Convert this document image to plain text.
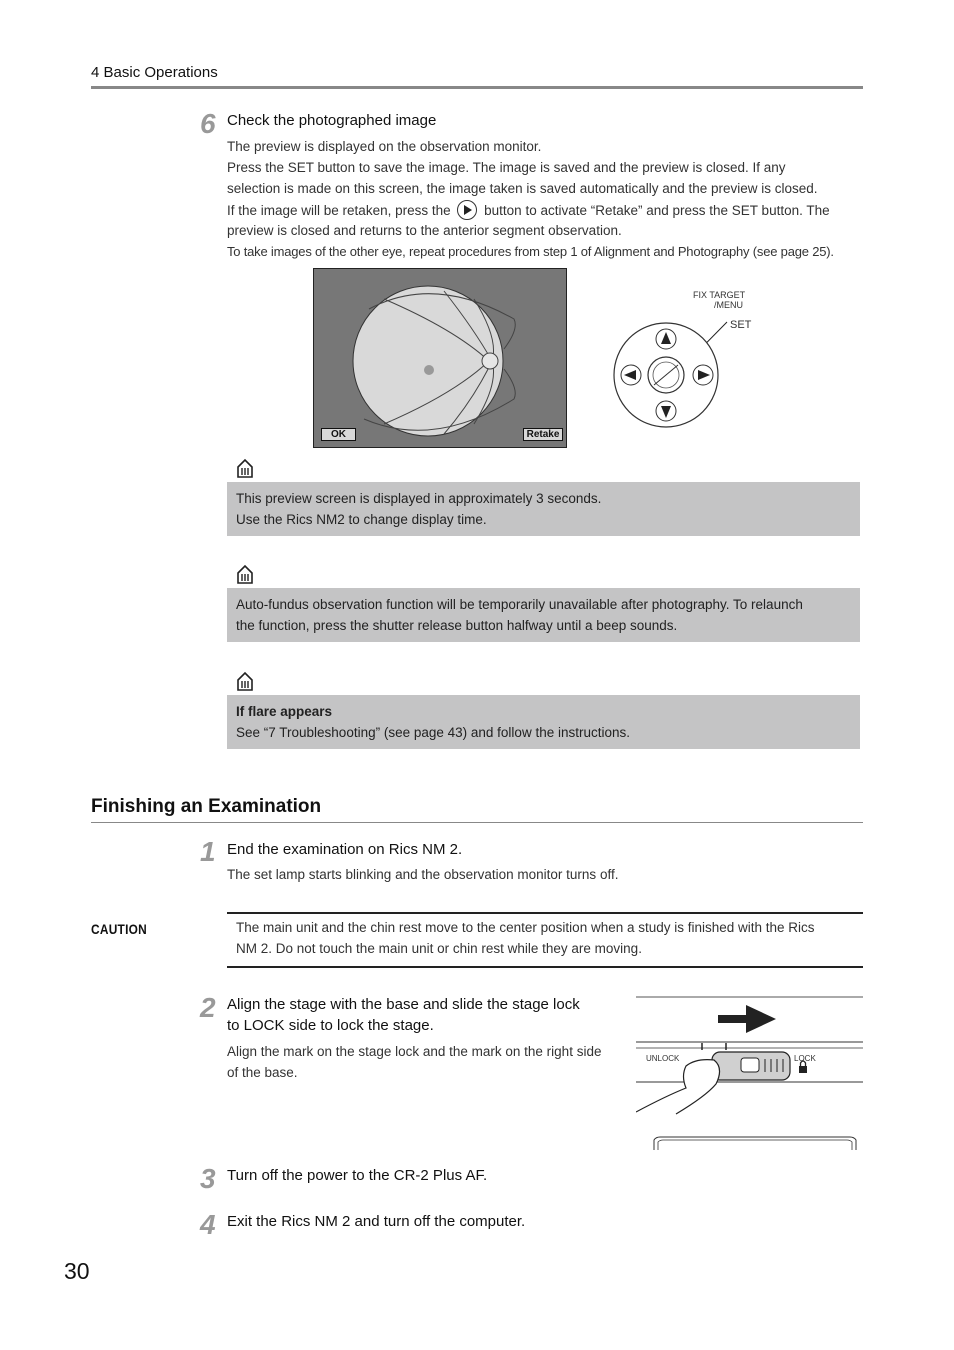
4 Basic Operations
6 Check the photographed image
The preview is displayed on the observation monitor.
Press the SET button to save the image. The image is saved and the preview is closed. If any
selection is made on this screen, the image taken is saved automatically and the preview is closed.
If the image will be retaken, press the button to activate “Retake” and press the SET button. The
preview is closed and returns to the anterior segment observation.
To take images of the other eye, repeat procedures from step 1 of Alignment and Photography (see page 25).
OK	Retake
FIX TARGET
/MENU
SET
This preview screen is displayed in approximately 3 seconds.
Use the Rics NM2 to change display time.
Auto-fundus observation function will be temporarily unavailable after photography. To relaunch
the function, press the shutter release button halfway until a beep sounds.
If flare appears
See “7 Troubleshooting” (see page 43) and follow the instructions.
Finishing an Examination
1 End the examination on Rics NM 2.
The set lamp starts blinking and the observation monitor turns off.
CAUTION	The main unit and the chin rest move to the center position when a study is finished with the Rics
NM 2. Do not touch the main unit or chin rest while they are moving.
2 Align the stage with the base and slide the stage lock
to LOCK side to lock the stage.
Align the mark on the stage lock and the mark on the right side
of the base.
UNLOCK	LOCK
3 Turn off the power to the CR-2 Plus AF.
4 Exit the Rics NM 2 and turn off the computer.
30
